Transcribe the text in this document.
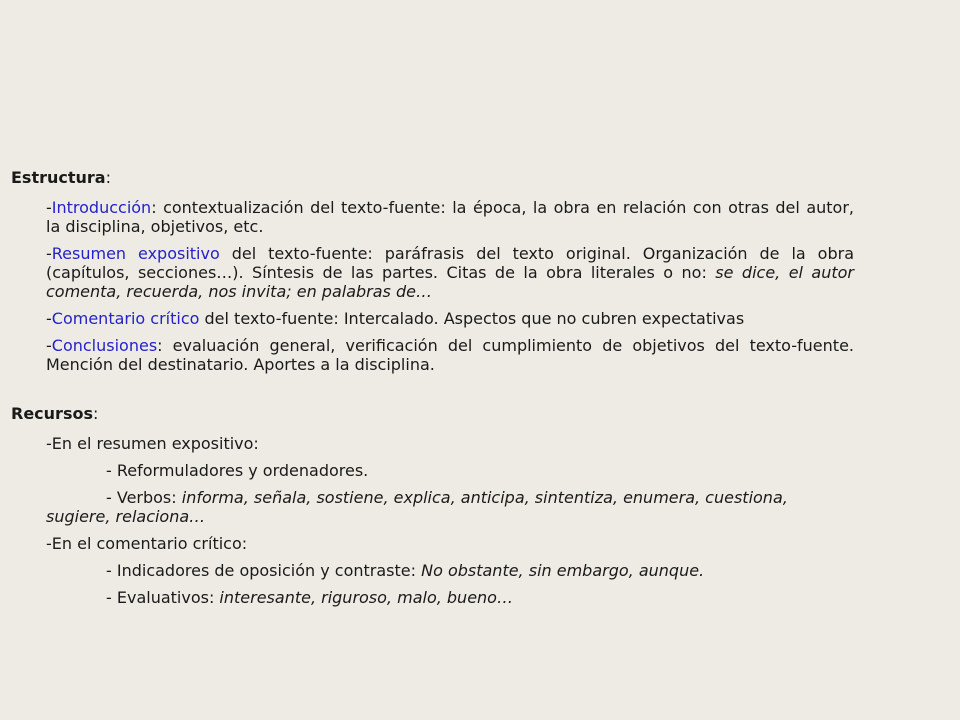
Estructura:

-Introducción: contextualización del texto-fuente: la época, la obra en relación con otras del autor, la disciplina, objetivos, etc.

-Resumen expositivo del texto-fuente: paráfrasis del texto original. Organización de la obra (capítulos, secciones…). Síntesis de las partes. Citas de la obra literales o no: se dice, el autor comenta, recuerda, nos invita; en palabras de…

-Comentario crítico del texto-fuente: Intercalado. Aspectos que no cubren expectativas

-Conclusiones: evaluación general, verificación del cumplimiento de objetivos del texto-fuente. Mención del destinatario. Aportes a la disciplina.

Recursos:

-En el resumen expositivo:

- Reformuladores y ordenadores.

- Verbos: informa, señala, sostiene, explica, anticipa, sintentiza, enumera, cuestiona, sugiere, relaciona…

-En el comentario crítico:

- Indicadores de oposición y contraste: No obstante, sin embargo, aunque.

- Evaluativos: interesante, riguroso, malo, bueno…
